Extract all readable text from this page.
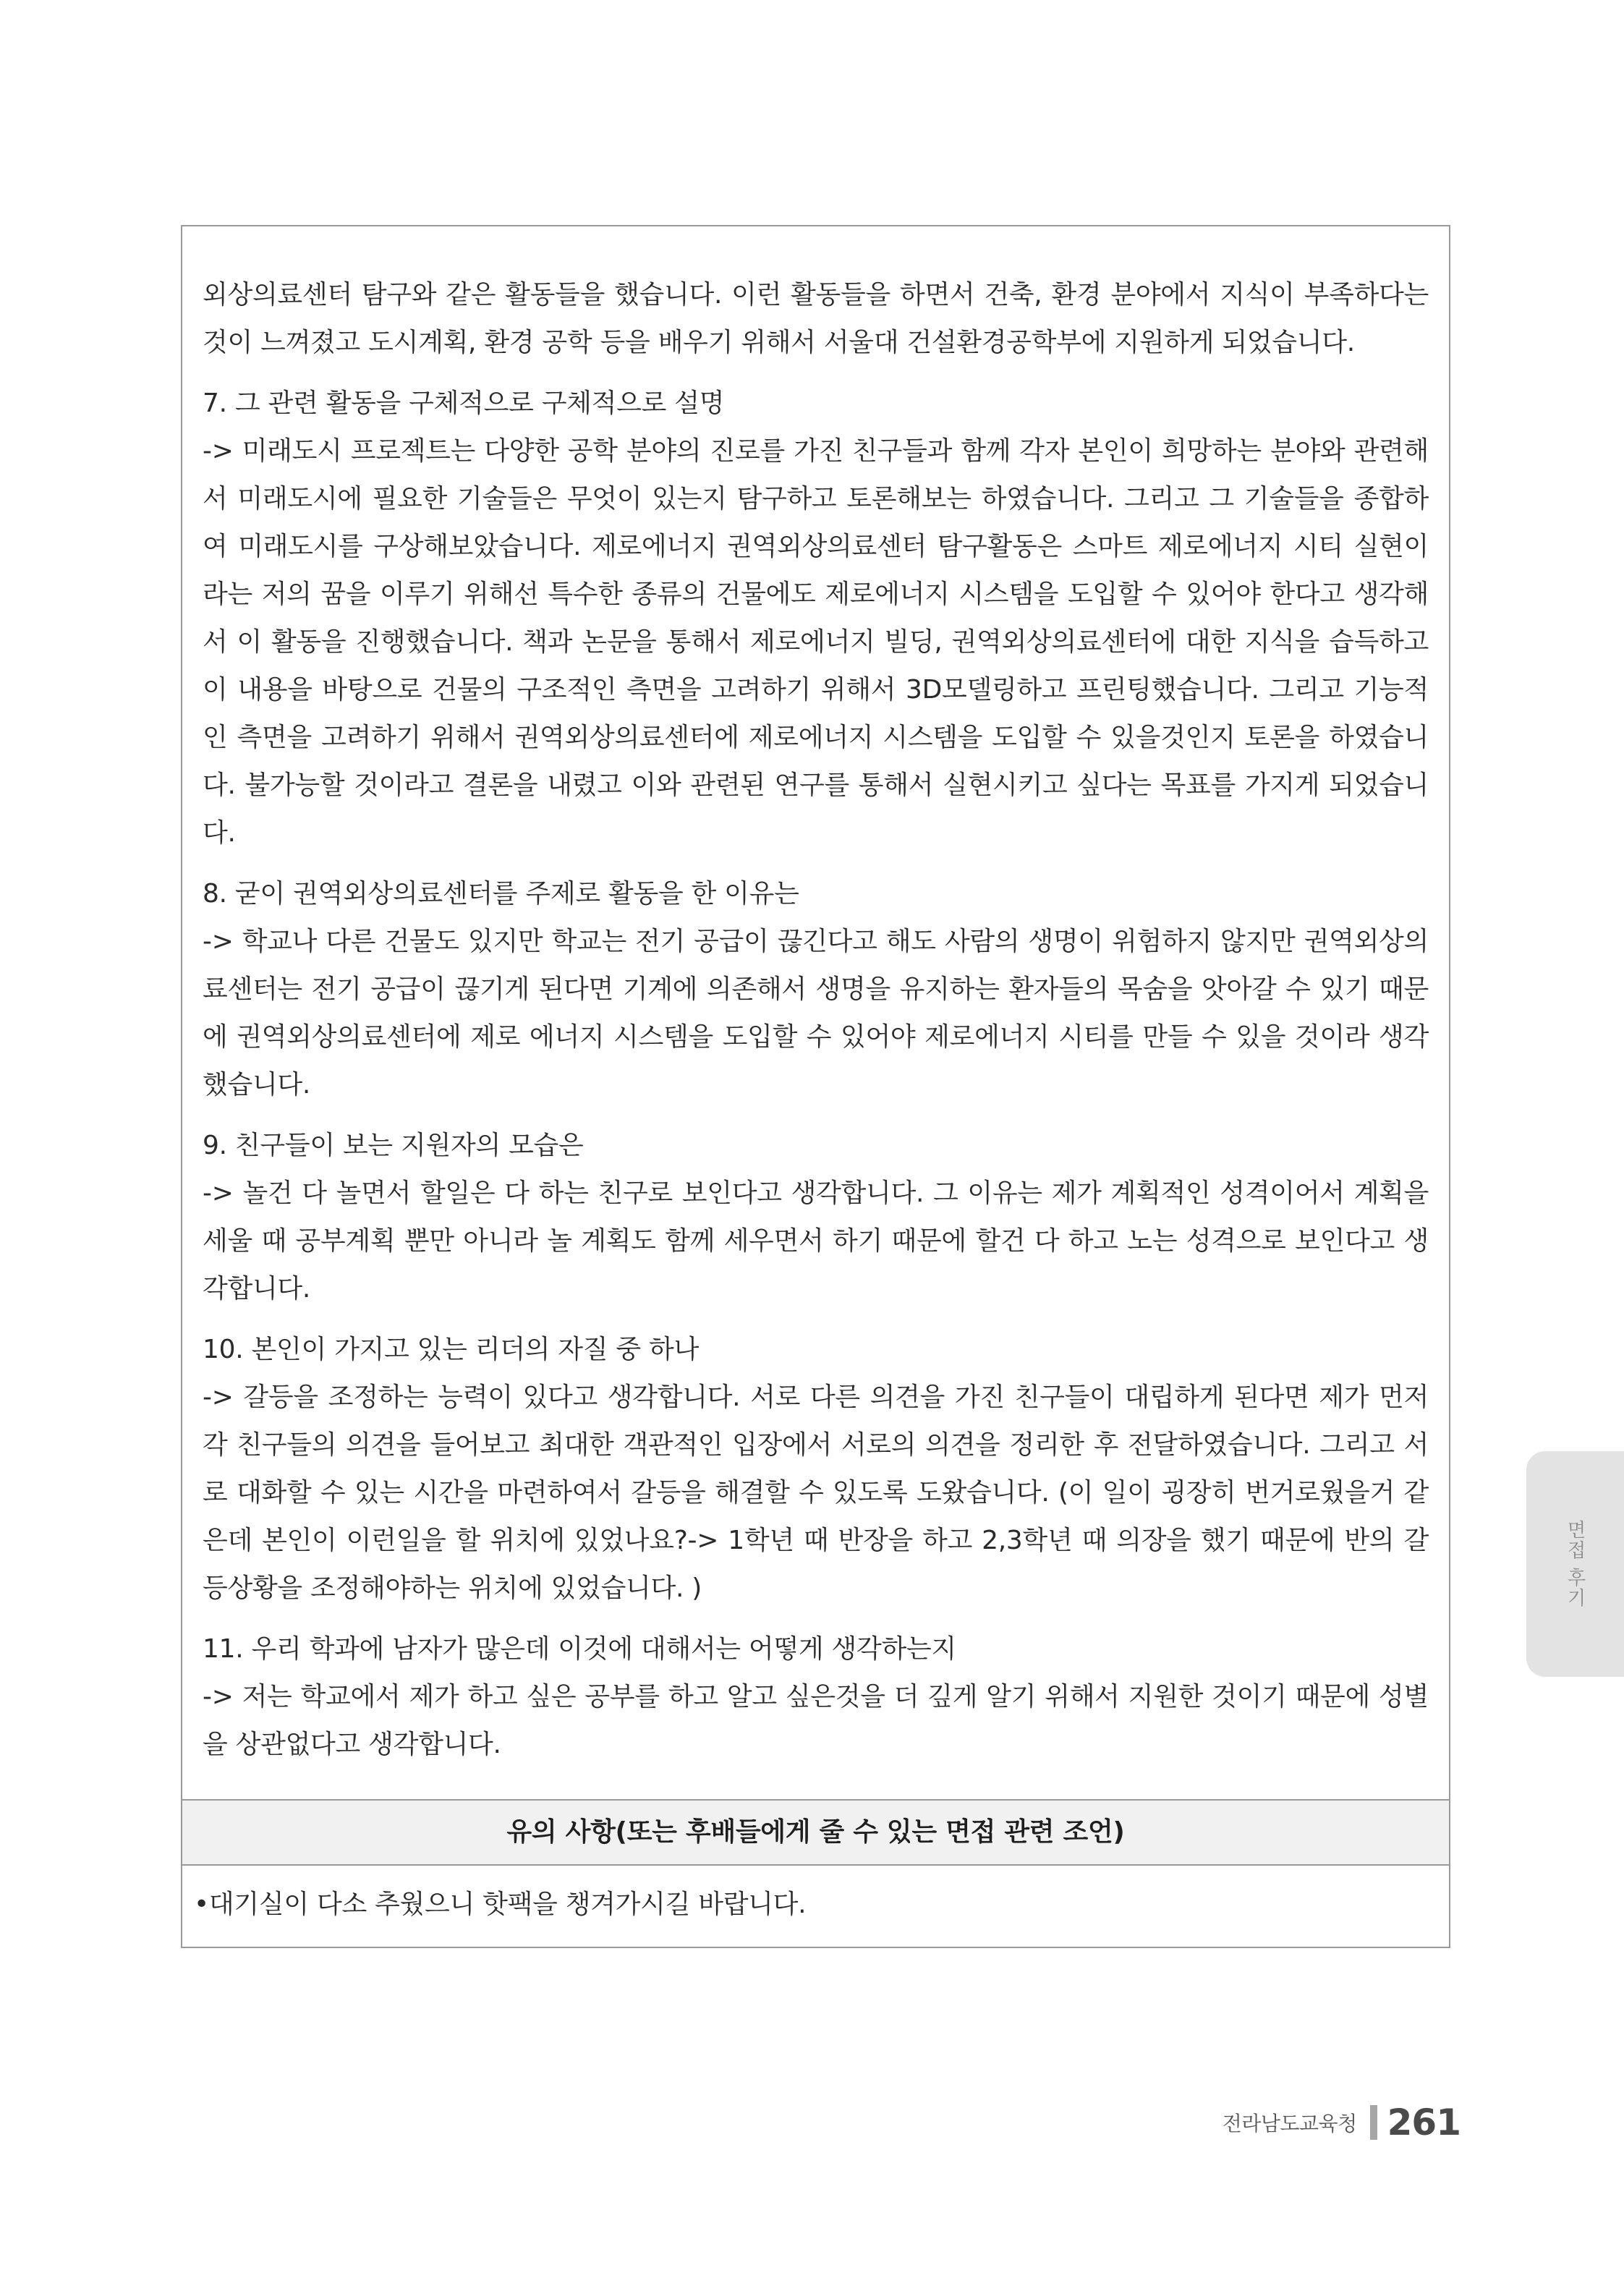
외상의료센터 탐구와 같은 활동들을 했습니다. 이런 활동들을 하면서 건축, 환경 분야에서 지식이 부족하다는 것이 느껴졌고 도시계획, 환경 공학 등을 배우기 위해서 서울대 건설환경공학부에 지원하게 되었습니다.

7. 그 관련 활동을 구체적으로 구체적으로 설명

-> 미래도시 프로젝트는 다양한 공학 분야의 진로를 가진 친구들과 함께 각자 본인이 희망하는 분야와 관련해서 미래도시에 필요한 기술들은 무엇이 있는지 탐구하고 토론해보는 하였습니다. 그리고 그 기술들을 종합하여 미래도시를 구상해보았습니다. 제로에너지 권역외상의료센터 탐구활동은 스마트 제로에너지 시티 실현이라는 저의 꿈을 이루기 위해선 특수한 종류의 건물에도 제로에너지 시스템을 도입할 수 있어야 한다고 생각해서 이 활동을 진행했습니다. 책과 논문을 통해서 제로에너지 빌딩, 권역외상의료센터에 대한 지식을 습득하고 이 내용을 바탕으로 건물의 구조적인 측면을 고려하기 위해서 3D모델링하고 프린팅했습니다. 그리고 기능적인 측면을 고려하기 위해서 권역외상의료센터에 제로에너지 시스템을 도입할 수 있을것인지 토론을 하였습니다. 불가능할 것이라고 결론을 내렸고 이와 관련된 연구를 통해서 실현시키고 싶다는 목표를 가지게 되었습니다.

8. 굳이 권역외상의료센터를 주제로 활동을 한 이유는

-> 학교나 다른 건물도 있지만 학교는 전기 공급이 끊긴다고 해도 사람의 생명이 위험하지 않지만 권역외상의료센터는 전기 공급이 끊기게 된다면 기계에 의존해서 생명을 유지하는 환자들의 목숨을 앗아갈 수 있기 때문에 권역외상의료센터에 제로 에너지 시스템을 도입할 수 있어야 제로에너지 시티를 만들 수 있을 것이라 생각했습니다.

9. 친구들이 보는 지원자의 모습은

-> 놀건 다 놀면서 할일은 다 하는 친구로 보인다고 생각합니다. 그 이유는 제가 계획적인 성격이어서 계획을 세울 때 공부계획 뿐만 아니라 놀 계획도 함께 세우면서 하기 때문에 할건 다 하고 노는 성격으로 보인다고 생각합니다.

10. 본인이 가지고 있는 리더의 자질 중 하나

-> 갈등을 조정하는 능력이 있다고 생각합니다. 서로 다른 의견을 가진 친구들이 대립하게 된다면 제가 먼저 각 친구들의 의견을 들어보고 최대한 객관적인 입장에서 서로의 의견을 정리한 후 전달하였습니다. 그리고 서로 대화할 수 있는 시간을 마련하여서 갈등을 해결할 수 있도록 도왔습니다. (이 일이 굉장히 번거로웠을거 같은데 본인이 이런일을 할 위치에 있었나요?-> 1학년 때 반장을 하고 2,3학년 때 의장을 했기 때문에 반의 갈등상황을 조정해야하는 위치에 있었습니다. )

11. 우리 학과에 남자가 많은데 이것에 대해서는 어떻게 생각하는지

-> 저는 학교에서 제가 하고 싶은 공부를 하고 알고 싶은것을 더 깊게 알기 위해서 지원한 것이기 때문에 성별을 상관없다고 생각합니다.

유의 사항(또는 후배들에게 줄 수 있는 면접 관련 조언)
•대기실이 다소 추웠으니 핫팩을 챙겨가시길 바랍니다.
면접 후기
전라남도교육청 261
